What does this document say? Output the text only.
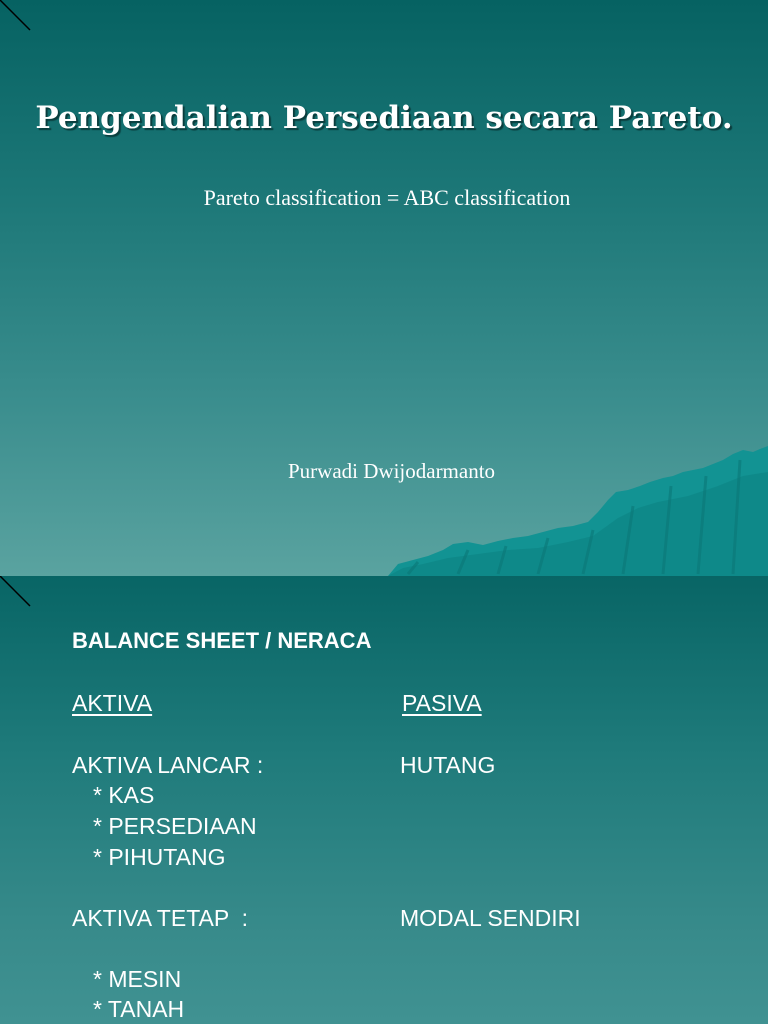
Pengendalian Persediaan secara Pareto.
Pareto classification = ABC classification
Purwadi Dwijodarmanto
BALANCE SHEET / NERACA
AKTIVA	PASIVA
AKTIVA LANCAR :	HUTANG
* KAS
* PERSEDIAAN
* PIHUTANG
AKTIVA TETAP  :	MODAL SENDIRI
* MESIN
* TANAH
